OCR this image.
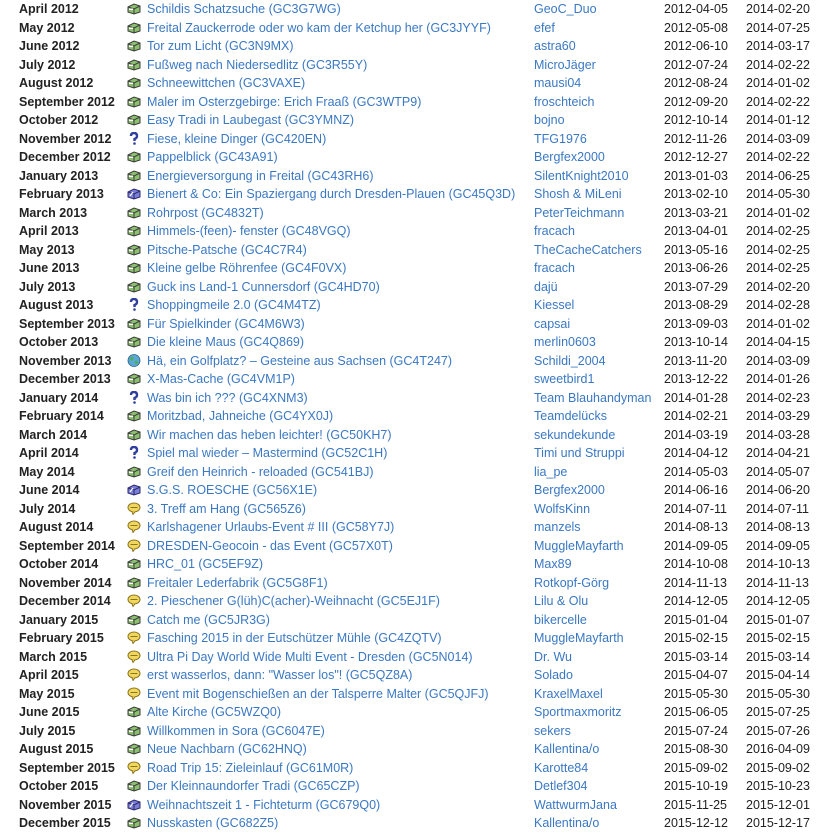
April 2012		Schildis Schatzsuche (GC3G7WG)	GeoC_Duo	2012-04-05	2014-02-20
May 2012		Freital Zauckerrode oder wo kam der Ketchup her (GC3JYYF)	efef	2012-05-08	2014-07-25
June 2012		Tor zum Licht (GC3N9MX)	astra60	2012-06-10	2014-03-17
July 2012		Fußweg nach Niedersedlitz (GC3R55Y)	MicroJäger	2012-07-24	2014-02-22
August 2012		Schneewittchen (GC3VAXE)	mausi04	2012-08-24	2014-01-02
September 2012		Maler im Osterzgebirge: Erich Fraaß (GC3WTP9)	froschteich	2012-09-20	2014-02-22
October 2012		Easy Tradi in Laubegast (GC3YMNZ)	bojno	2012-10-14	2014-01-12
November 2012		Fiese, kleine Dinger (GC420EN)	TFG1976	2012-11-26	2014-03-09
December 2012		Pappelblick (GC43A91)	Bergfex2000	2012-12-27	2014-02-22
January 2013		Energieversorgung in Freital (GC43RH6)	SilentKnight2010	2013-01-03	2014-06-25
February 2013		Bienert & Co: Ein Spaziergang durch Dresden-Plauen (GC45Q3D)	Shosh & MiLeni	2013-02-10	2014-05-30
March 2013		Rohrpost (GC4832T)	PeterTeichmann	2013-03-21	2014-01-02
April 2013		Himmels-(feen)- fenster (GC48VGQ)	fracach	2013-04-01	2014-02-25
May 2013		Pitsche-Patsche (GC4C7R4)	TheCacheCatchers	2013-05-16	2014-02-25
June 2013		Kleine gelbe Röhrenfee (GC4F0VX)	fracach	2013-06-26	2014-02-25
July 2013		Guck ins Land-1 Cunnersdorf (GC4HD70)	dajü	2013-07-29	2014-02-20
August 2013		Shoppingmeile 2.0 (GC4M4TZ)	Kiessel	2013-08-29	2014-02-28
September 2013		Für Spielkinder (GC4M6W3)	capsai	2013-09-03	2014-01-02
October 2013		Die kleine Maus (GC4Q869)	merlin0603	2013-10-14	2014-04-15
November 2013		Hä, ein Golfplatz? – Gesteine aus Sachsen (GC4T247)	Schildi_2004	2013-11-20	2014-03-09
December 2013		X-Mas-Cache (GC4VM1P)	sweetbird1	2013-12-22	2014-01-26
January 2014		Was bin ich ??? (GC4XNM3)	Team Blauhandyman	2014-01-28	2014-02-23
February 2014		Moritzbad, Jahneiche (GC4YX0J)	Teamdelücks	2014-02-21	2014-03-29
March 2014		Wir machen das heben leichter! (GC50KH7)	sekundekunde	2014-03-19	2014-03-28
April 2014		Spiel mal wieder – Mastermind (GC52C1H)	Timi und Struppi	2014-04-12	2014-04-21
May 2014		Greif den Heinrich - reloaded (GC541BJ)	lia_pe	2014-05-03	2014-05-07
June 2014		S.G.S. ROESCHE (GC56X1E)	Bergfex2000	2014-06-16	2014-06-20
July 2014		3. Treff am Hang (GC565Z6)	WolfsKinn	2014-07-11	2014-07-11
August 2014		Karlshagener Urlaubs-Event # III (GC58Y7J)	manzels	2014-08-13	2014-08-13
September 2014		DRESDEN-Geocoin - das Event (GC57X0T)	MuggleMayfarth	2014-09-05	2014-09-05
October 2014		HRC_01 (GC5EF9Z)	Max89	2014-10-08	2014-10-13
November 2014		Freitaler Lederfabrik (GC5G8F1)	Rotkopf-Görg	2014-11-13	2014-11-13
December 2014		2. Pieschener G(lüh)C(acher)-Weihnacht (GC5EJ1F)	Lilu & Olu	2014-12-05	2014-12-05
January 2015		Catch me (GC5JR3G)	bikercelle	2015-01-04	2015-01-07
February 2015		Fasching 2015 in der Eutschützer Mühle (GC4ZQTV)	MuggleMayfarth	2015-02-15	2015-02-15
March 2015		Ultra Pi Day World Wide Multi Event - Dresden (GC5N014)	Dr. Wu	2015-03-14	2015-03-14
April 2015		erst wasserlos, dann: "Wasser los"! (GC5QZ8A)	Solado	2015-04-07	2015-04-14
May 2015		Event mit Bogenschießen an der Talsperre Malter (GC5QJFJ)	KraxelMaxel	2015-05-30	2015-05-30
June 2015		Alte Kirche (GC5WZQ0)	Sportmaxmoritz	2015-06-05	2015-07-25
July 2015		Willkommen in Sora (GC6047E)	sekers	2015-07-24	2015-07-26
August 2015		Neue Nachbarn (GC62HNQ)	Kallentina/o	2015-08-30	2016-04-09
September 2015		Road Trip 15: Zieleinlauf (GC61M0R)	Karotte84	2015-09-02	2015-09-02
October 2015		Der Kleinnaundorfer Tradi (GC65CZP)	Detlef304	2015-10-19	2015-10-23
November 2015		Weihnachtszeit 1 - Fichteturm (GC679Q0)	WattwurmJana	2015-11-25	2015-12-01
December 2015		Nusskasten (GC682Z5)	Kallentina/o	2015-12-12	2015-12-17
